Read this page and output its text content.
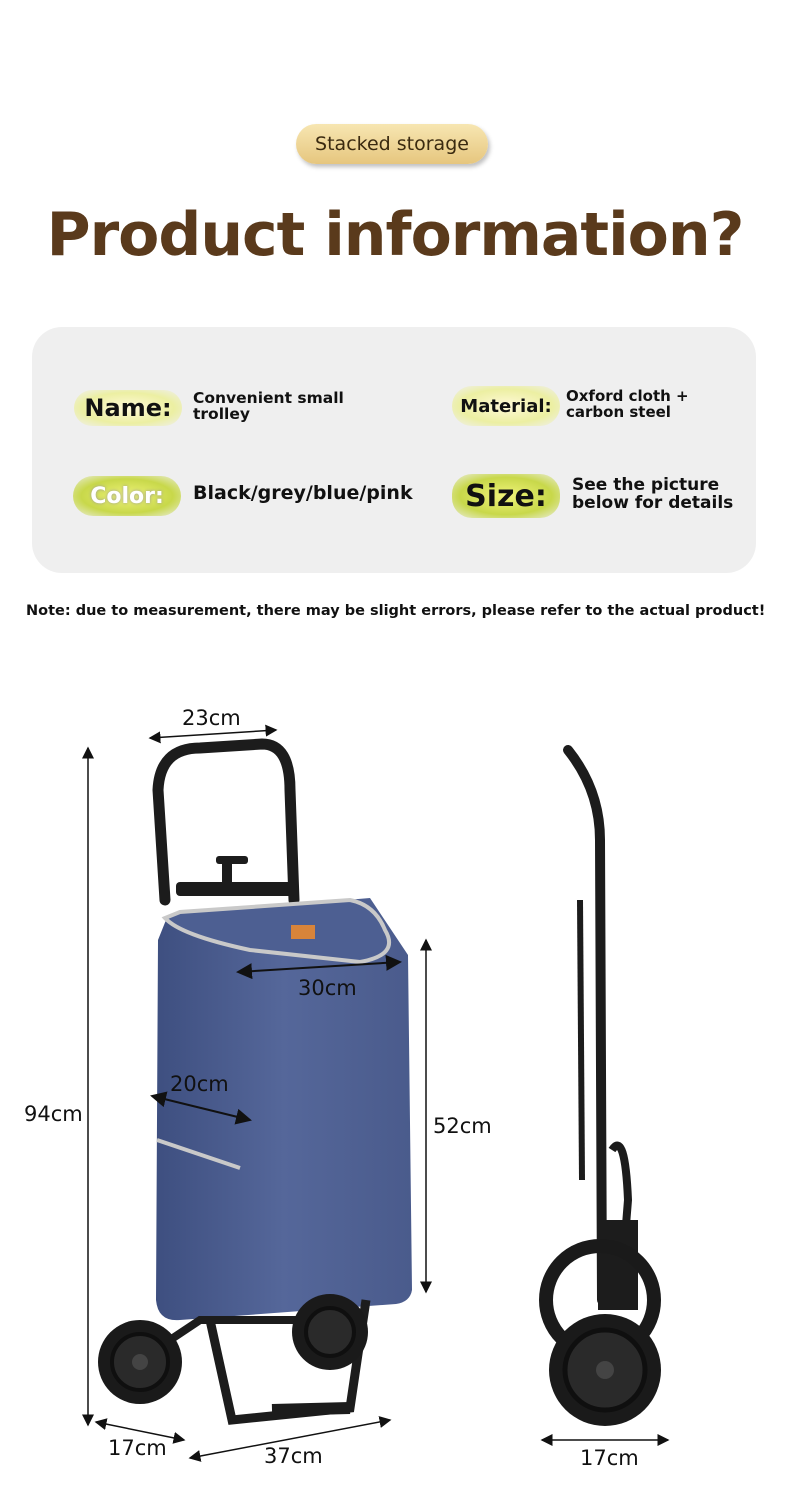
Stacked storage
Product information?
Name:	Convenient small trolley	Material: Oxford cloth + carbon steel
Color:	Black/grey/blue/pink	Size:	See the picture below for details
Note: due to measurement, there may be slight errors, please refer to the actual product!
23cm
30cm
20cm
94cm	52cm
17cm	37cm	17cm
